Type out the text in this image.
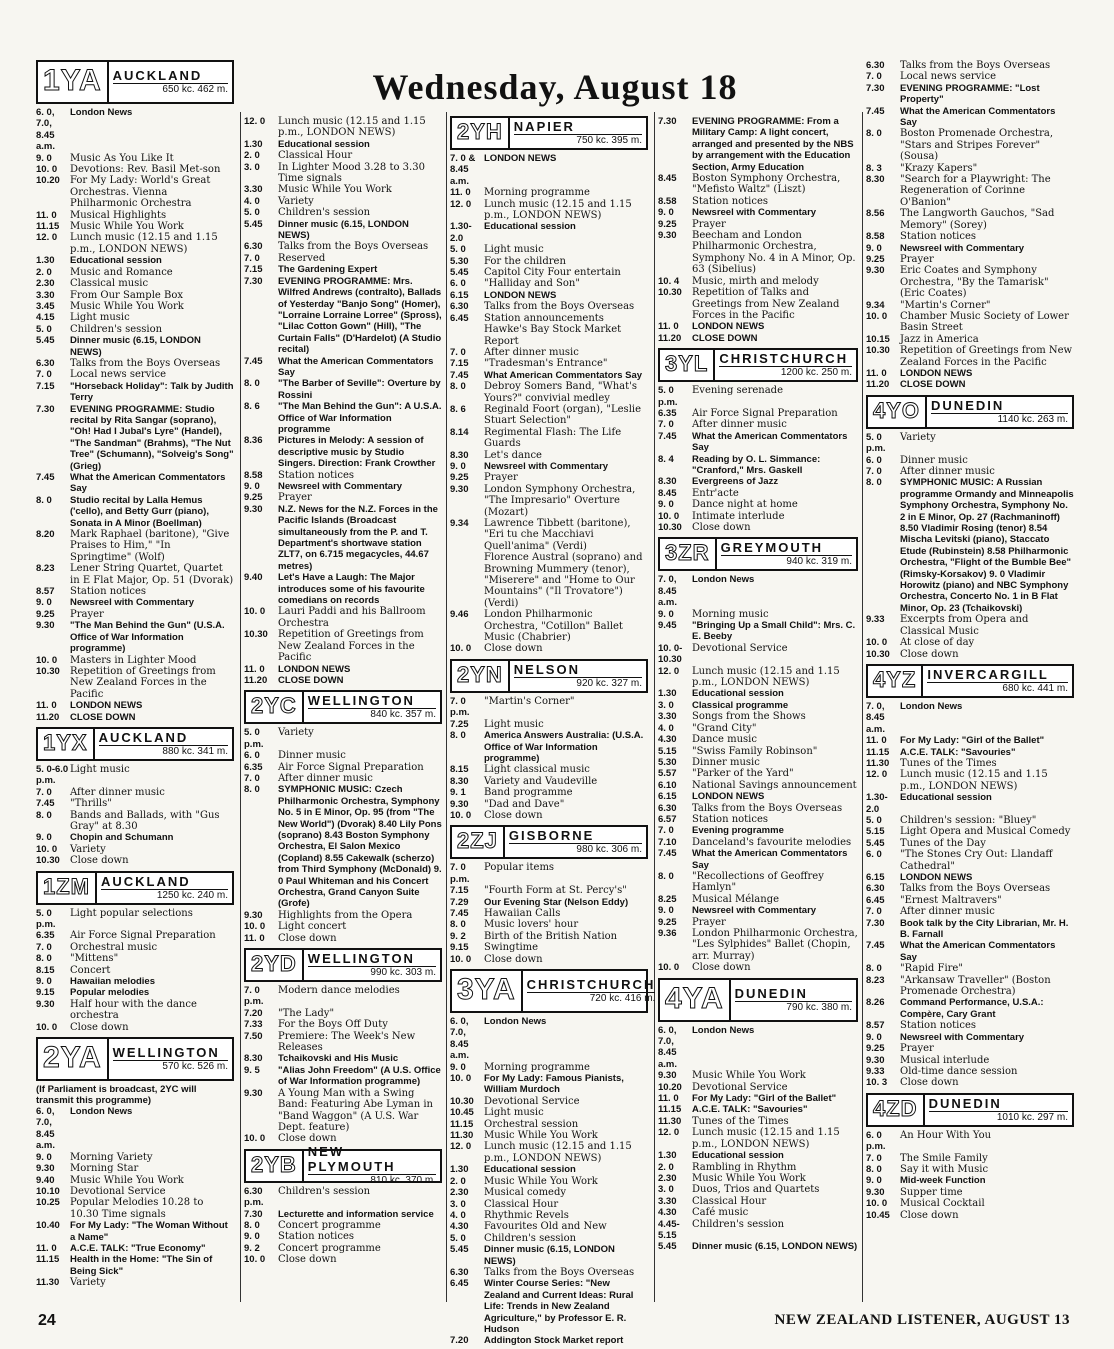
Wednesday, August 18
1YA AUCKLAND
650 kc. 462 m.
6. 0, 7.0, 8.45 a.m.
London News
9. 0	Music As You Like It
10. 0	Devotions: Rev. Basil Met-son
10.20	For My Lady: World's Great Orchestras. Vienna Philharmonic Orchestra
11. 0	Musical Highlights
11.15	Music While You Work
12. 0	Lunch music (12.15 and 1.15 p.m., LONDON NEWS)
1.30	Educational session
2. 0	Music and Romance
2.30	Classical music
3.30	From Our Sample Box
3.45	Music While You Work
4.15	Light music
5. 0	Children's session
5.45	Dinner music (6.15, LONDON NEWS)
6.30	Talks from the Boys Overseas
7. 0	Local news service
7.15	"Horseback Holiday": Talk by Judith Terry
7.30	EVENING PROGRAMME: Studio recital by Rita Sangar (soprano), "Oh! Had I Jubal's Lyre" (Handel), "The Sandman" (Brahms), "The Nut Tree" (Schumann), "Solveig's Song" (Grieg)
7.45	What the American Commentators Say
8. 0	Studio recital by Lalla Hemus ('cello), and Betty Gurr (piano), Sonata in A Minor (Boellman)
8.20	Mark Raphael (baritone), "Give Praises to Him," "In Springtime" (Wolf)
8.23	Lener String Quartet, Quartet in E Flat Major, Op. 51 (Dvorak)
8.57	Station notices
9. 0	Newsreel with Commentary
9.25	Prayer
9.30	"The Man Behind the Gun" (U.S.A. Office of War Information programme)
10. 0	Masters in Lighter Mood
10.30	Repetition of Greetings from New Zealand Forces in the Pacific
11. 0	LONDON NEWS
11.20	CLOSE DOWN
1YX AUCKLAND
880 kc. 341 m.
5. 0-6.0 p.m.
Light music
7. 0	After dinner music
7.45	"Thrills"
8. 0	Bands and Ballads, with "Gus Gray" at 8.30
9. 0	Chopin and Schumann
10. 0	Variety
10.30	Close down
1ZM AUCKLAND
1250 kc. 240 m.
5. 0 p.m.
Light popular selections
6.35	Air Force Signal Preparation
7. 0	Orchestral music
8. 0	"Mittens"
8.15	Concert
9. 0	Hawaiian melodies
9.15	Popular melodies
9.30	Half hour with the dance orchestra
10. 0	Close down
2YA WELLINGTON
570 kc. 526 m.
(If Parliament is broadcast, 2YC will transmit this programme)
6. 0, 7.0, 8.45 a.m.
London News
9. 0	Morning Variety
9.30	Morning Star
9.40	Music While You Work
10.10	Devotional Service
10.25	Popular Melodies 10.28 to 10.30 Time signals
10.40	For My Lady: "The Woman Without a Name"
11. 0	A.C.E. TALK: "True Economy"
11.15	Health in the Home: "The Sin of Being Sick"
11.30	Variety
12. 0	Lunch music (12.15 and 1.15 p.m., LONDON NEWS)
1.30	Educational session
2. 0	Classical Hour
3. 0	In Lighter Mood 3.28 to 3.30 Time signals
3.30	Music While You Work
4. 0	Variety
5. 0	Children's session
5.45	Dinner music (6.15, LONDON NEWS)
6.30	Talks from the Boys Overseas
7. 0	Reserved
7.15	The Gardening Expert
7.30	EVENING PROGRAMME: Mrs. Wilfred Andrews (contralto), Ballads of Yesterday "Banjo Song" (Homer), "Lorraine Lorraine Lorree" (Spross), "Lilac Cotton Gown" (Hill), "The Curtain Falls" (D'Hardelot) (A Studio recital)
7.45	What the American Commentators Say
8. 0	"The Barber of Seville": Overture by Rossini
8. 6	"The Man Behind the Gun": A U.S.A. Office of War Information programme
8.36	Pictures in Melody: A session of descriptive music by Studio Singers. Direction: Frank Crowther
8.58	Station notices
9. 0	Newsreel with Commentary
9.25	Prayer
9.30	N.Z. News for the N.Z. Forces in the Pacific Islands (Broadcast simultaneously from the P. and T. Department's shortwave station ZLT7, on 6.715 megacycles, 44.67 metres)
9.40	Let's Have a Laugh: The Major introduces some of his favourite comedians on records
10. 0	Lauri Paddi and his Ballroom Orchestra
10.30	Repetition of Greetings from New Zealand Forces in the Pacific
11. 0	LONDON NEWS
11.20	CLOSE DOWN
2YC WELLINGTON
840 kc. 357 m.
5. 0 p.m.
Variety
6. 0	Dinner music
6.35	Air Force Signal Preparation
7. 0	After dinner music
8. 0	SYMPHONIC MUSIC: Czech Philharmonic Orchestra, Symphony No. 5 in E Minor, Op. 95 (from "The New World") (Dvorak) 8.40 Lily Pons (soprano) 8.43 Boston Symphony Orchestra, El Salon Mexico (Copland) 8.55 Cakewalk (scherzo) from Third Symphony (McDonald) 9. 0 Paul Whiteman and his Concert Orchestra, Grand Canyon Suite (Grofe)
9.30	Highlights from the Opera
10. 0	Light concert
11. 0	Close down
2YD WELLINGTON
990 kc. 303 m.
7. 0 p.m.
Modern dance melodies
7.20	"The Lady"
7.33	For the Boys Off Duty
7.50	Premiere: The Week's New Releases
8.30	Tchaikovski and His Music
9. 5	"Alias John Freedom" (A U.S. Office of War Information programme)
9.30	A Young Man with a Swing Band: Featuring Abe Lyman in "Band Waggon" (A U.S. War Dept. feature)
10. 0	Close down
2YB NEW PLYMOUTH
810 kc. 370 m.
6.30 p.m.
Children's session
7.30	Lecturette and information service
8. 0	Concert programme
9. 0	Station notices
9. 2	Concert programme
10. 0	Close down
2YH NAPIER
750 kc. 395 m.
7. 0 & 8.45 a.m.
LONDON NEWS
11. 0	Morning programme
12. 0	Lunch music (12.15 and 1.15 p.m., LONDON NEWS)
1.30-2.0
Educational session
5. 0	Light music
5.30	For the children
5.45	Capitol City Four entertain
6. 0	"Halliday and Son"
6.15	LONDON NEWS
6.30	Talks from the Boys Overseas
6.45	Station announcements Hawke's Bay Stock Market Report
7. 0	After dinner music
7.15	"Tradesman's Entrance"
7.45	What American Commentators Say
8. 0	Debroy Somers Band, "What's Yours?" convivial medley
8. 6	Reginald Foort (organ), "Leslie Stuart Selection"
8.14	Regimental Flash: The Life Guards
8.30	Let's dance
9. 0	Newsreel with Commentary
9.25	Prayer
9.30	London Symphony Orchestra, "The Impresario" Overture (Mozart)
9.34	Lawrence Tibbett (baritone), "Eri tu che Macchiavi Quell'anima" (Verdi)
Florence Austral (soprano) and Browning Mummery (tenor), "Miserere" and "Home to Our Mountains" ("Il Trovatore") (Verdi)
9.46	London Philharmonic Orchestra, "Cotillon" Ballet Music (Chabrier)
10. 0	Close down
2YN NELSON
920 kc. 327 m.
7. 0 p.m.
"Martin's Corner"
7.25	Light music
8. 0	America Answers Australia: (U.S.A. Office of War Information programme)
8.15	Light classical music
8.30	Variety and Vaudeville
9. 1	Band programme
9.30	"Dad and Dave"
10. 0	Close down
2ZJ GISBORNE
980 kc. 306 m.
7. 0 p.m.
Popular items
7.15	"Fourth Form at St. Percy's"
7.29	Our Evening Star (Nelson Eddy)
7.45	Hawaiian Calls
8. 0	Music lovers' hour
9. 2	Birth of the British Nation
9.15	Swingtime
10. 0	Close down
3YA CHRISTCHURCH
720 kc. 416 m.
6. 0, 7.0, 8.45 a.m.
London News
9. 0	Morning programme
10. 0	For My Lady: Famous Pianists, William Murdoch
10.30	Devotional Service
10.45	Light music
11.15	Orchestral session
11.30	Music While You Work
12. 0	Lunch music (12.15 and 1.15 p.m., LONDON NEWS)
1.30	Educational session
2. 0	Music While You Work
2.30	Musical comedy
3. 0	Classical Hour
4. 0	Rhythmic Revels
4.30	Favourites Old and New
5. 0	Children's session
5.45	Dinner music (6.15, LONDON NEWS)
6.30	Talks from the Boys Overseas
6.45	Winter Course Series: "New Zealand and Current Ideas: Rural Life: Trends in New Zealand Agriculture," by Professor E. R. Hudson
7.20	Addington Stock Market report
7.30	EVENING PROGRAMME: From a Military Camp: A light concert, arranged and presented by the NBS by arrangement with the Education Section, Army Education
8.45	Boston Symphony Orchestra, "Mefisto Waltz" (Liszt)
8.58	Station notices
9. 0	Newsreel with Commentary
9.25	Prayer
9.30	Beecham and London Philharmonic Orchestra, Symphony No. 4 in A Minor, Op. 63 (Sibelius)
10. 4	Music, mirth and melody
10.30	Repetition of Talks and Greetings from New Zealand Forces in the Pacific
11. 0	LONDON NEWS
11.20	CLOSE DOWN
3YL CHRISTCHURCH
1200 kc. 250 m.
5. 0 p.m.
Evening serenade
6.35	Air Force Signal Preparation
7. 0	After dinner music
7.45	What the American Commentators Say
8. 4	Reading by O. L. Simmance: "Cranford," Mrs. Gaskell
8.30	Evergreens of Jazz
8.45	Entr'acte
9. 0	Dance night at home
10. 0	Intimate interlude
10.30	Close down
3ZR GREYMOUTH
940 kc. 319 m.
7. 0, 8.45 a.m.
London News
9. 0	Morning music
9.45	"Bringing Up a Small Child": Mrs. C. E. Beeby
10. 0-10.30
Devotional Service
12. 0	Lunch music (12.15 and 1.15 p.m., LONDON NEWS)
1.30	Educational session
3. 0	Classical programme
3.30	Songs from the Shows
4. 0	"Grand City"
4.30	Dance music
5.15	"Swiss Family Robinson"
5.30	Dinner music
5.57	"Parker of the Yard"
6.10	National Savings announcement
6.15	LONDON NEWS
6.30	Talks from the Boys Overseas
6.57	Station notices
7. 0	Evening programme
7.10	Danceland's favourite melodies
7.45	What the American Commentators Say
8. 0	"Recollections of Geoffrey Hamlyn"
8.25	Musical Mélange
9. 0	Newsreel with Commentary
9.25	Prayer
9.36	London Philharmonic Orchestra, "Les Sylphides" Ballet (Chopin, arr. Murray)
10. 0	Close down
4YA DUNEDIN
790 kc. 380 m.
6. 0, 7.0, 8.45 a.m.
London News
9.30	Music While You Work
10.20	Devotional Service
11. 0	For My Lady: "Girl of the Ballet"
11.15	A.C.E. TALK: "Savouries"
11.30	Tunes of the Times
12. 0	Lunch music (12.15 and 1.15 p.m., LONDON NEWS)
1.30	Educational session
2. 0	Rambling in Rhythm
2.30	Music While You Work
3. 0	Duos, Trios and Quartets
3.30	Classical Hour
4.30	Café music
4.45-5.15
Children's session
5.45	Dinner music (6.15, LONDON NEWS)
6.30	Talks from the Boys Overseas
7. 0	Local news service
7.30	EVENING PROGRAMME: "Lost Property"
7.45	What the American Commentators Say
8. 0	Boston Promenade Orchestra, "Stars and Stripes Forever" (Sousa)
8. 3	"Krazy Kapers"
8.30	"Search for a Playwright: The Regeneration of Corinne O'Banion"
8.56	The Langworth Gauchos, "Sad Memory" (Sorey)
8.58	Station notices
9. 0	Newsreel with Commentary
9.25	Prayer
9.30	Eric Coates and Symphony Orchestra, "By the Tamarisk" (Eric Coates)
9.34	"Martin's Corner"
10. 0	Chamber Music Society of Lower Basin Street
10.15	Jazz in America
10.30	Repetition of Greetings from New Zealand Forces in the Pacific
11. 0	LONDON NEWS
11.20	CLOSE DOWN
4YO DUNEDIN
1140 kc. 263 m.
5. 0 p.m.
Variety
6. 0	Dinner music
7. 0	After dinner music
8. 0	SYMPHONIC MUSIC: A Russian programme Ormandy and Minneapolis Symphony Orchestra, Symphony No. 2 in E Minor, Op. 27 (Rachmaninoff) 8.50 Vladimir Rosing (tenor) 8.54 Mischa Levitski (piano), Staccato Etude (Rubinstein) 8.58 Philharmonic Orchestra, "Flight of the Bumble Bee" (Rimsky-Korsakov) 9. 0 Vladimir Horowitz (piano) and NBC Symphony Orchestra, Concerto No. 1 in B Flat Minor, Op. 23 (Tchaikovski)
9.33	Excerpts from Opera and Classical Music
10. 0	At close of day
10.30	Close down
4YZ INVERCARGILL
680 kc. 441 m.
7. 0, 8.45 a.m.
London News
11. 0	For My Lady: "Girl of the Ballet"
11.15	A.C.E. TALK: "Savouries"
11.30	Tunes of the Times
12. 0	Lunch music (12.15 and 1.15 p.m., LONDON NEWS)
1.30-2.0
Educational session
5. 0	Children's session: "Bluey"
5.15	Light Opera and Musical Comedy
5.45	Tunes of the Day
6. 0	"The Stones Cry Out: Llandaff Cathedral"
6.15	LONDON NEWS
6.30	Talks from the Boys Overseas
6.45	"Ernest Maltravers"
7. 0	After dinner music
7.30	Book talk by the City Librarian, Mr. H. B. Farnall
7.45	What the American Commentators Say
8. 0	"Rapid Fire"
8.23	"Arkansaw Traveller" (Boston Promenade Orchestra)
8.26	Command Performance, U.S.A.: Compère, Cary Grant
8.57	Station notices
9. 0	Newsreel with Commentary
9.25	Prayer
9.30	Musical interlude
9.33	Old-time dance session
10. 3	Close down
4ZD DUNEDIN
1010 kc. 297 m.
6. 0 p.m.
An Hour With You
7. 0	The Smile Family
8. 0	Say it with Music
9. 0	Mid-week Function
9.30	Supper time
10. 0	Musical Cocktail
10.45	Close down
24	NEW ZEALAND LISTENER, AUGUST 13
